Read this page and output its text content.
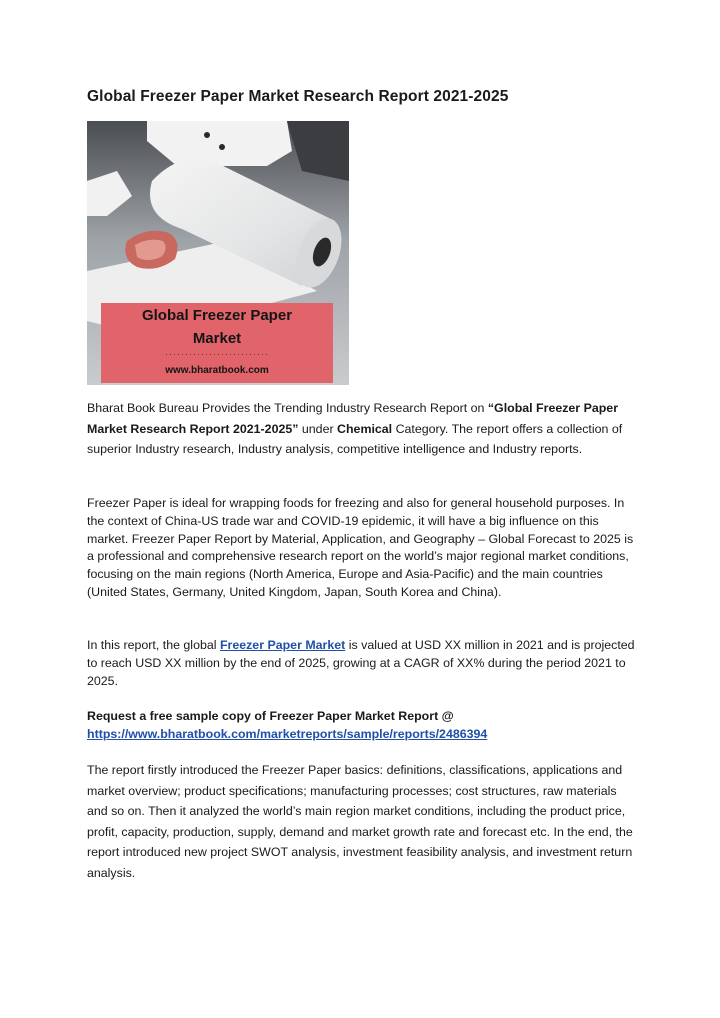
Global Freezer Paper Market Research Report 2021-2025
Global Freezer Paper
Market
··························
www.bharatbook.com
Bharat Book Bureau Provides the Trending Industry Research Report on “Global Freezer Paper Market Research Report 2021-2025” under Chemical Category. The report offers a collection of superior Industry research, Industry analysis, competitive intelligence and Industry reports.
Freezer Paper is ideal for wrapping foods for freezing and also for general household purposes. In the context of China-US trade war and COVID-19 epidemic, it will have a big influence on this market. Freezer Paper Report by Material, Application, and Geography – Global Forecast to 2025 is a professional and comprehensive research report on the world’s major regional market conditions, focusing on the main regions (North America, Europe and Asia-Pacific) and the main countries (United States, Germany, United Kingdom, Japan, South Korea and China).
In this report, the global Freezer Paper Market is valued at USD XX million in 2021 and is projected to reach USD XX million by the end of 2025, growing at a CAGR of XX% during the period 2021 to 2025.
Request a free sample copy of Freezer Paper Market Report @
https://www.bharatbook.com/marketreports/sample/reports/2486394
The report firstly introduced the Freezer Paper basics: definitions, classifications, applications and market overview; product specifications; manufacturing processes; cost structures, raw materials and so on. Then it analyzed the world’s main region market conditions, including the product price, profit, capacity, production, supply, demand and market growth rate and forecast etc. In the end, the report introduced new project SWOT analysis, investment feasibility analysis, and investment return analysis.
